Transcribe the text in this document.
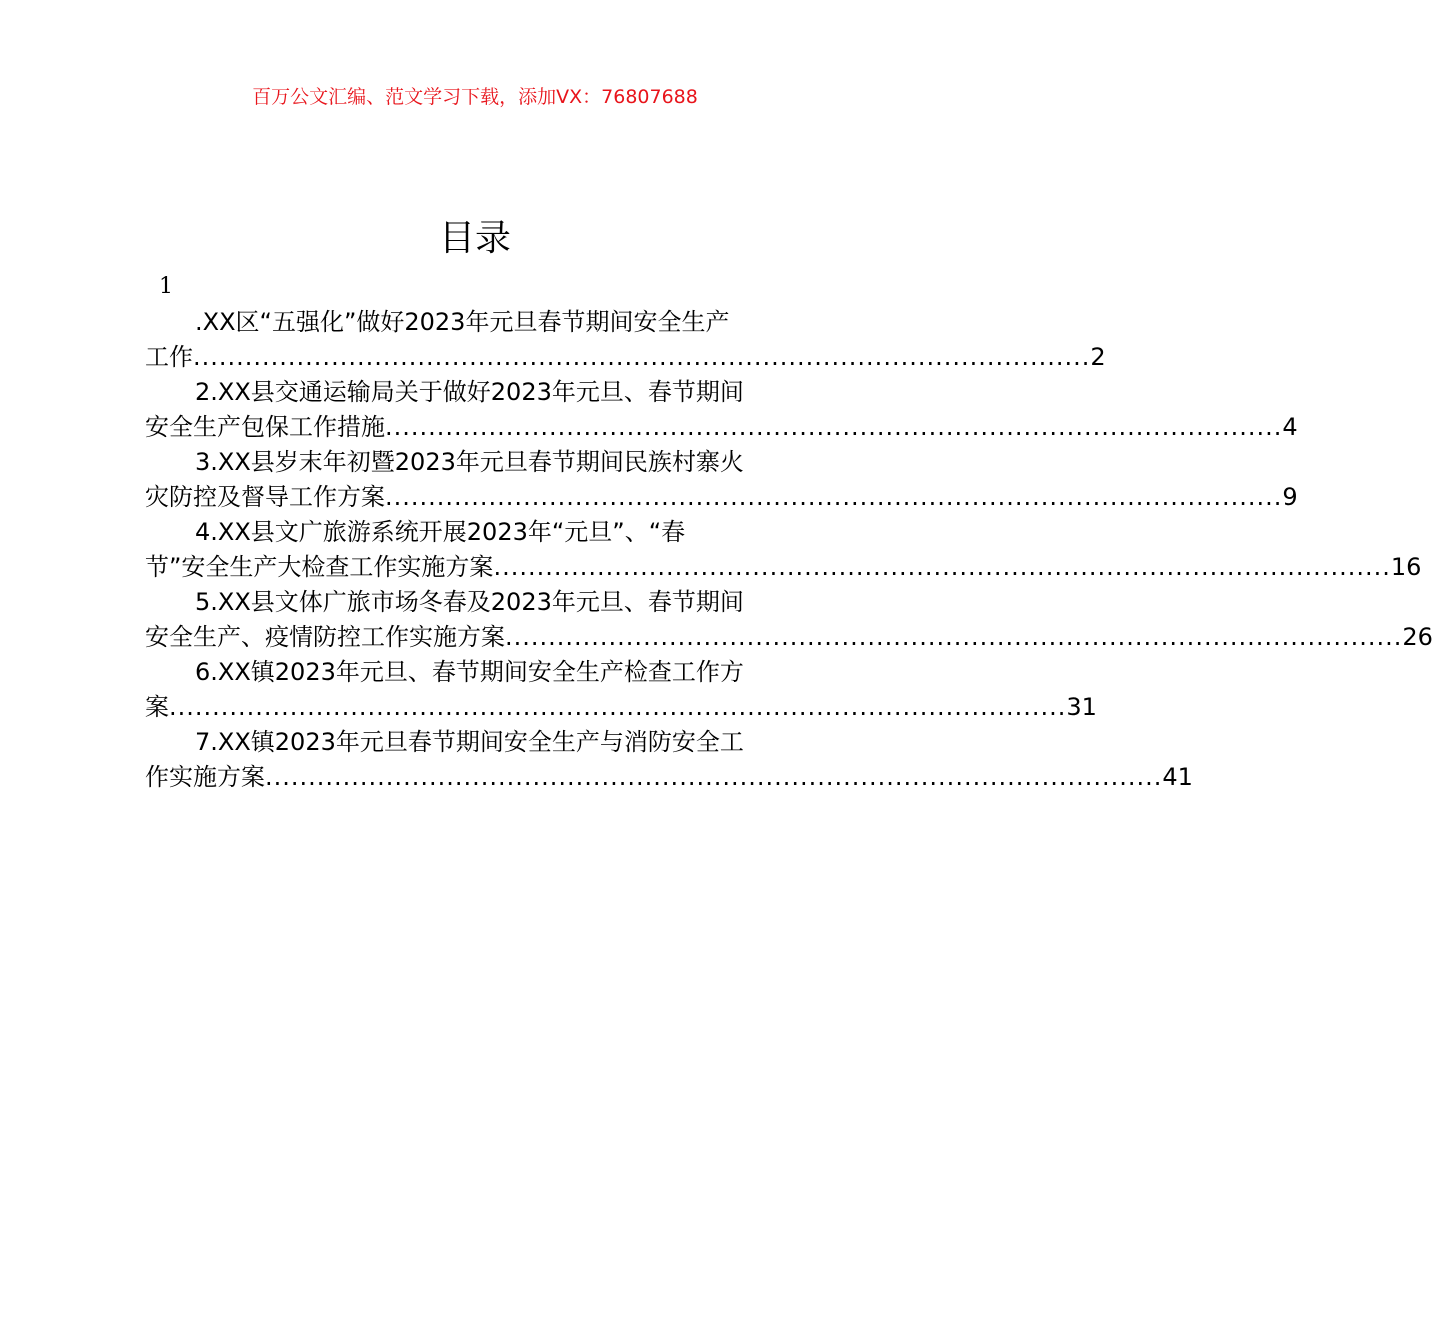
百万公文汇编、范文学习下载，添加VX：76807688
目录
1
.XX区“五强化”做好2023年元旦春节期间安全生产
工作 ........................................................................................................ 2
2.XX县交通运输局关于做好2023年元旦、春节期间
安全生产包保工作措施 ........................................................................................................ 4
3.XX县岁末年初暨2023年元旦春节期间民族村寨火
灾防控及督导工作方案 ........................................................................................................ 9
4.XX县文广旅游系统开展2023年“元旦”、“春
节”安全生产大检查工作实施方案 ........................................................................................................ 16
5.XX县文体广旅市场冬春及2023年元旦、春节期间
安全生产、疫情防控工作实施方案 ........................................................................................................ 26
6.XX镇2023年元旦、春节期间安全生产检查工作方
案 ........................................................................................................ 31
7.XX镇2023年元旦春节期间安全生产与消防安全工
作实施方案 ........................................................................................................ 41
